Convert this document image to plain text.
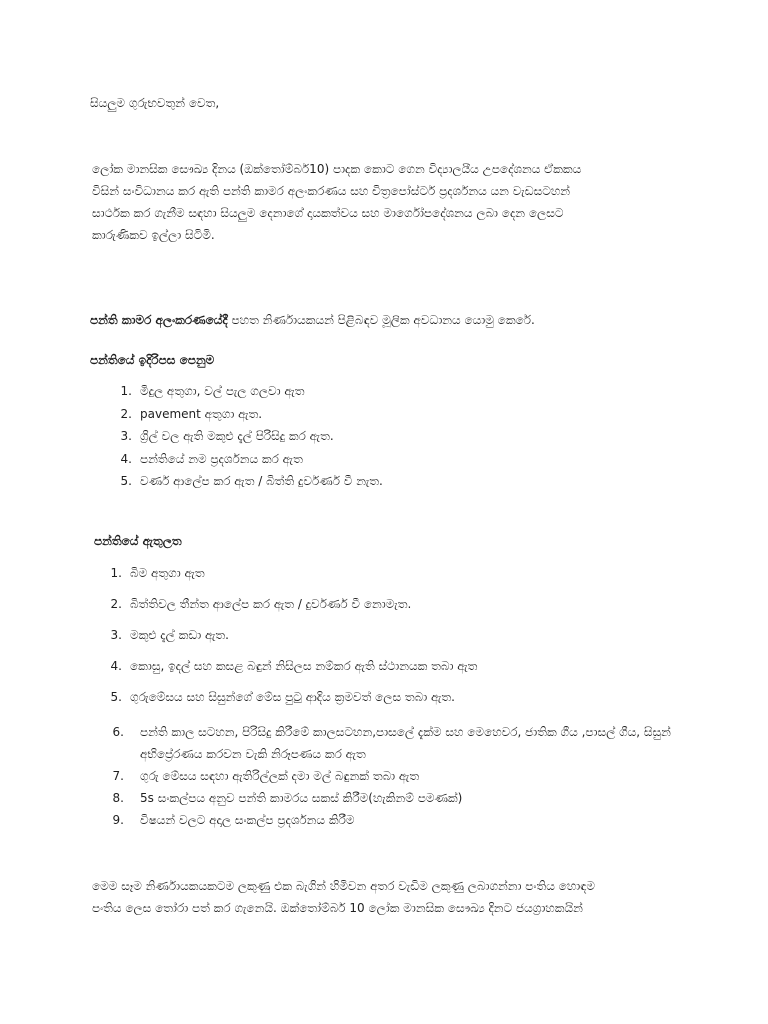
සියලුම ගුරුභවතුන් වෙත,

ලෝක මානසික සෞඛ්‍ය දිනය (ඔක්තෝම්බර්10) පාදක කොට ගෙන විද්‍යාලයීය උපදේශනය ඒකකය
විසින් සංවිධානය කර ඇති පන්ති කාමර අලංකරණය සහ චිත්‍රපෝස්ටර් ප්‍රදර්ශනය යන වැඩසටහන්
සාර්ථක කර ගැනීම සඳහා සියලුම දෙනාගේ දායකත්වය සහ මාර්ගෝපදේශනය ලබා දෙන ලෙසට
කාරුණිකව ඉල්ලා සිටිමි.

පන්ති කාමර අලංකරණයේදී පහත නිර්ණායකයන් පිළිබඳව මූලික අවධානය යොමු කෙරේ.

පන්තියේ ඉදිරිපස පෙනුම

1. මිදුල අතුගා, වල් පැල ගලවා ඇත
2. pavement අතුගා ඇත.
3. ග්‍රිල් වල ඇති මකුළු දැල් පිරිසිදු කර ඇත.
4. පන්තියේ නම ප්‍රදර්ශනය කර ඇත
5. වර්ණ ආලේප කර ඇත / බිත්ති දුර්වර්ණ වී නැත.

පන්තියේ ඇතුලත

1. බිම අතුගා ඇත
2. බිත්තිවල තීන්ත ආලේප කර ඇත / දුර්වර්ණ වී නොමැත.
3. මකුළු දැල් කඩා ඇත.
4. කොසු, ඉදල් සහ කසළ බඳුන් නිසිලස නම්කර ඇති ස්ථානයක තබා ඇත
5. ගුරුමේසය සහ සිසුන්ගේ මේස පුටු ආදිය ක්‍රමවත් ලෙස තබා ඇත.
6. පන්ති කාල සටහන, පිරිසිදු කිරීමේ කාලසටහන,පාසලේ දැක්ම සහ මෙහෙවර, ජාතික ගීය ,පාසල් ගීය, සිසුන් අභිප්‍රේරණය කරවන වැකි නිරූපණය කර ඇත
7. ගුරු මේසය සඳහා ඇතිරිල්ලක් දමා මල් බඳුනක් තබා ඇත
8. 5s සංකල්පය අනුව පන්ති කාමරය සකස් කිරීම(හැකිනම් පමණක්)
9. විෂයන් වලට අදාල සංකල්ප ප්‍රදර්ශනය කිරීම

මෙම සෑම නිර්ණායකයකටම ලකුණු එක බැගින් හිමිවන අතර වැඩිම ලකුණු ලබාගන්නා පංතිය හොඳම
පංතිය ලෙස තෝරා පත් කර ගැනෙයි. ඔක්තෝම්බර් 10 ලෝක මානසික සෞඛ්‍ය දිනට ජයග්‍රාහකයින්
